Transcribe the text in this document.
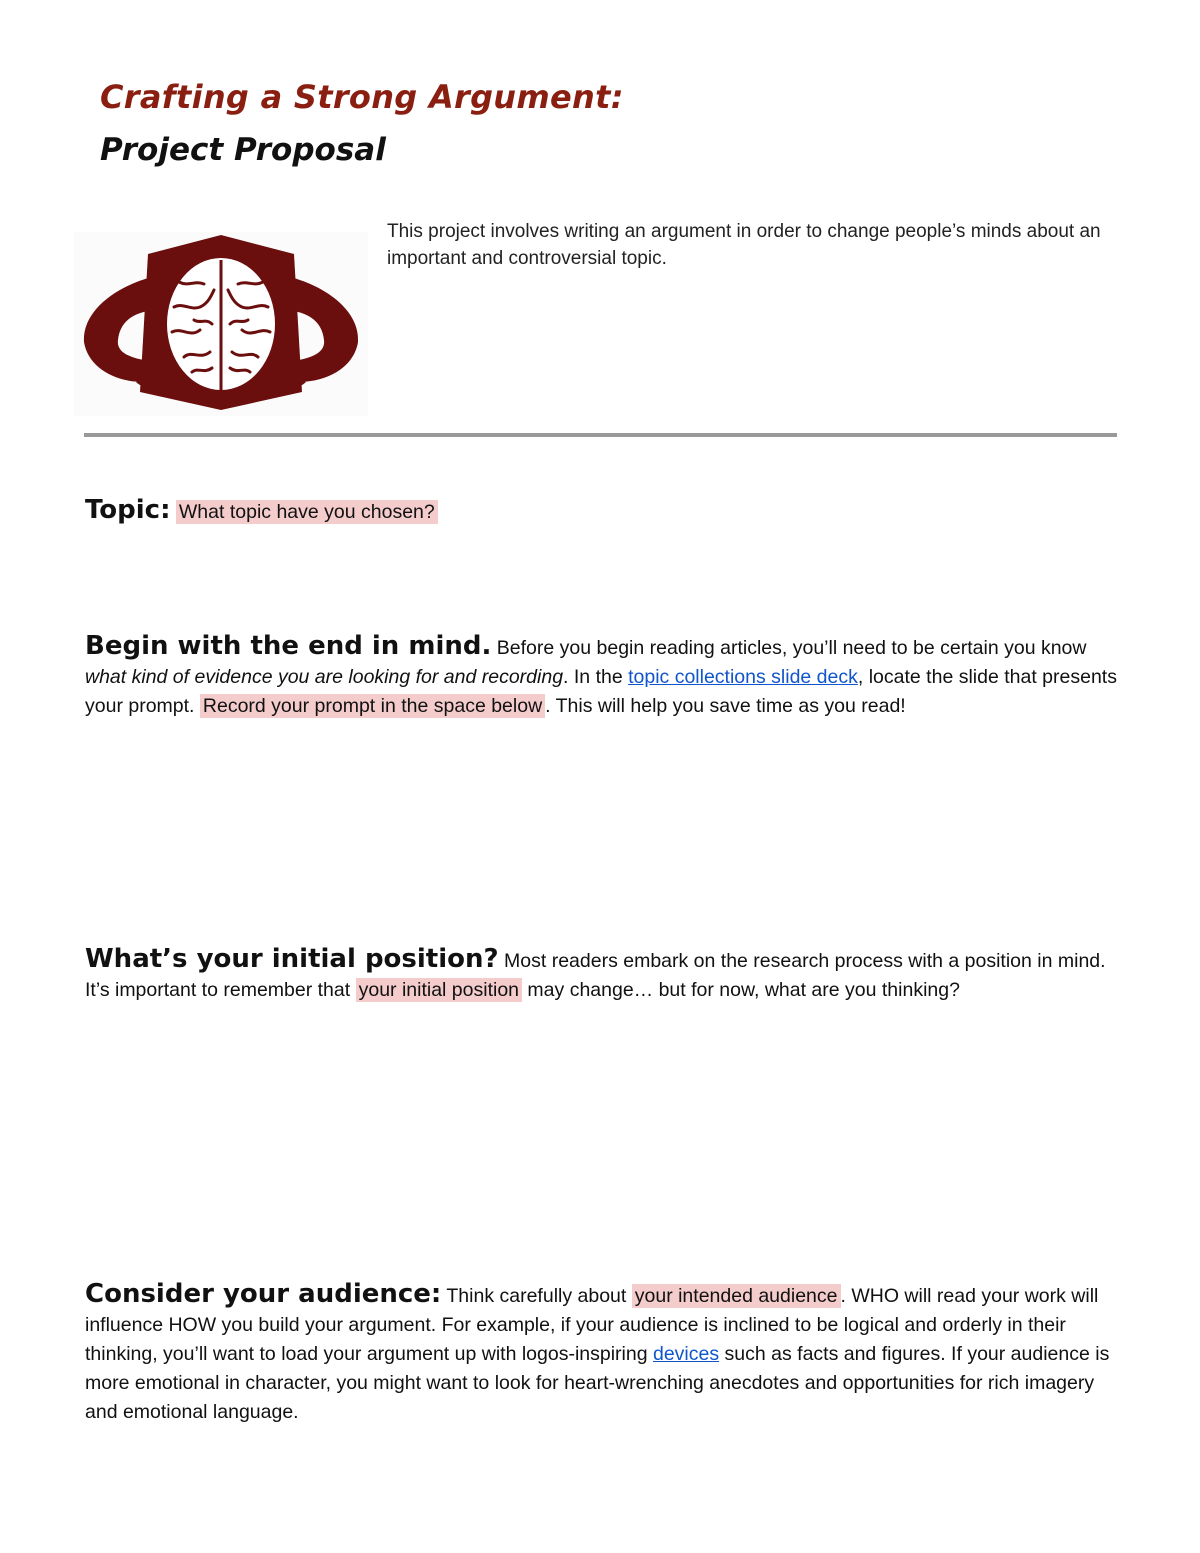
Crafting a Strong Argument:
Project Proposal
This project involves writing an argument in order to change people’s minds about an important and controversial topic.
Topic: What topic have you chosen?
Begin with the end in mind. Before you begin reading articles, you’ll need to be certain you know what kind of evidence you are looking for and recording. In the topic collections slide deck, locate the slide that presents your prompt. Record your prompt in the space below . This will help you save time as you read!
What’s your initial position? Most readers embark on the research process with a position in mind. It’s important to remember that your initial position may change… but for now, what are you thinking?
Consider your audience: Think carefully about your intended audience . WHO will read your work will influence HOW you build your argument. For example, if your audience is inclined to be logical and orderly in their thinking, you’ll want to load your argument up with logos-inspiring devices such as facts and figures. If your audience is more emotional in character, you might want to look for heart-wrenching anecdotes and opportunities for rich imagery and emotional language.
